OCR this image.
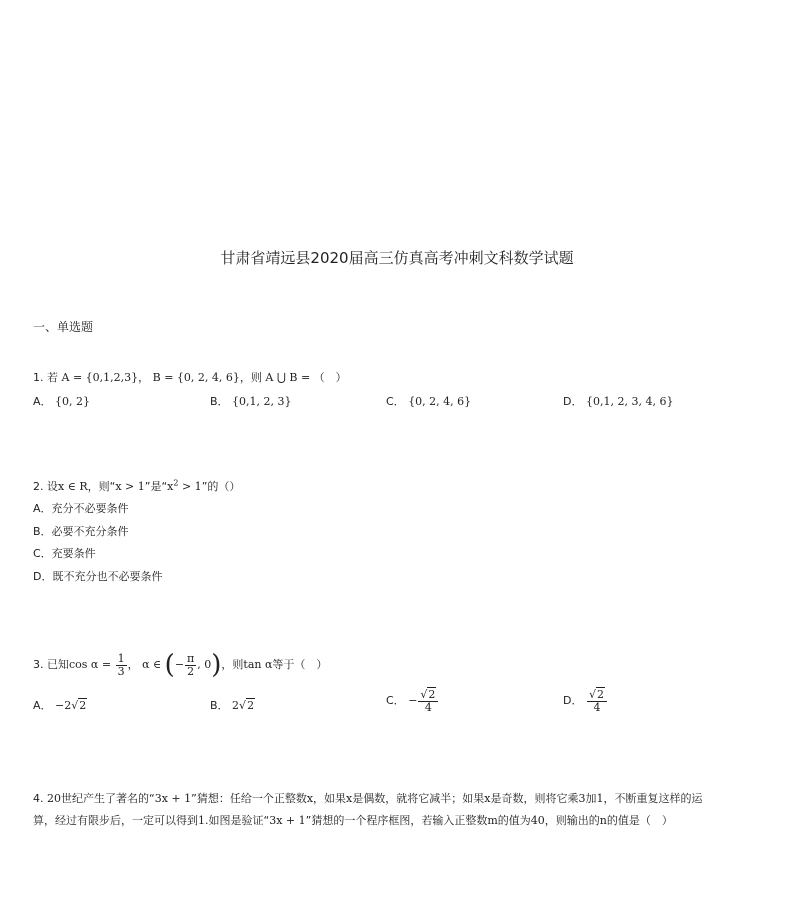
甘肃省靖远县2020届高三仿真高考冲刺文科数学试题
一、单选题
1. 若 A = {0,1,2,3}， B = {0, 2, 4, 6}，则 A ⋃ B = （　）
A． {0, 2}	B． {0,1, 2, 3}	C． {0, 2, 4, 6}	D． {0,1, 2, 3, 4, 6}
2. 设x ∈ R，则“x > 1”是“$x^2 > 1$”的（）
A．充分不必要条件
B．必要不充分条件
C．充要条件
D．既不充分也不必要条件
3. 已知$\cos \alpha = \frac{1}{3}$ ， α ∈ (− $\frac{\pi}{2}$ , 0)，则tan α等于（　）
A． −2√2	B． 2√2	C． − $\frac{√2}{4}$	D． $\frac{√2}{4}$
4. 20世纪产生了著名的“3x + 1”猜想：任给一个正整数x，如果x是偶数，就将它减半；如果x是奇数，则将它乘3加1，不断重复这样的运
算，经过有限步后，一定可以得到1.如图是验证“3x + 1”猜想的一个程序框图，若输入正整数m的值为40，则输出的n的值是（　）
